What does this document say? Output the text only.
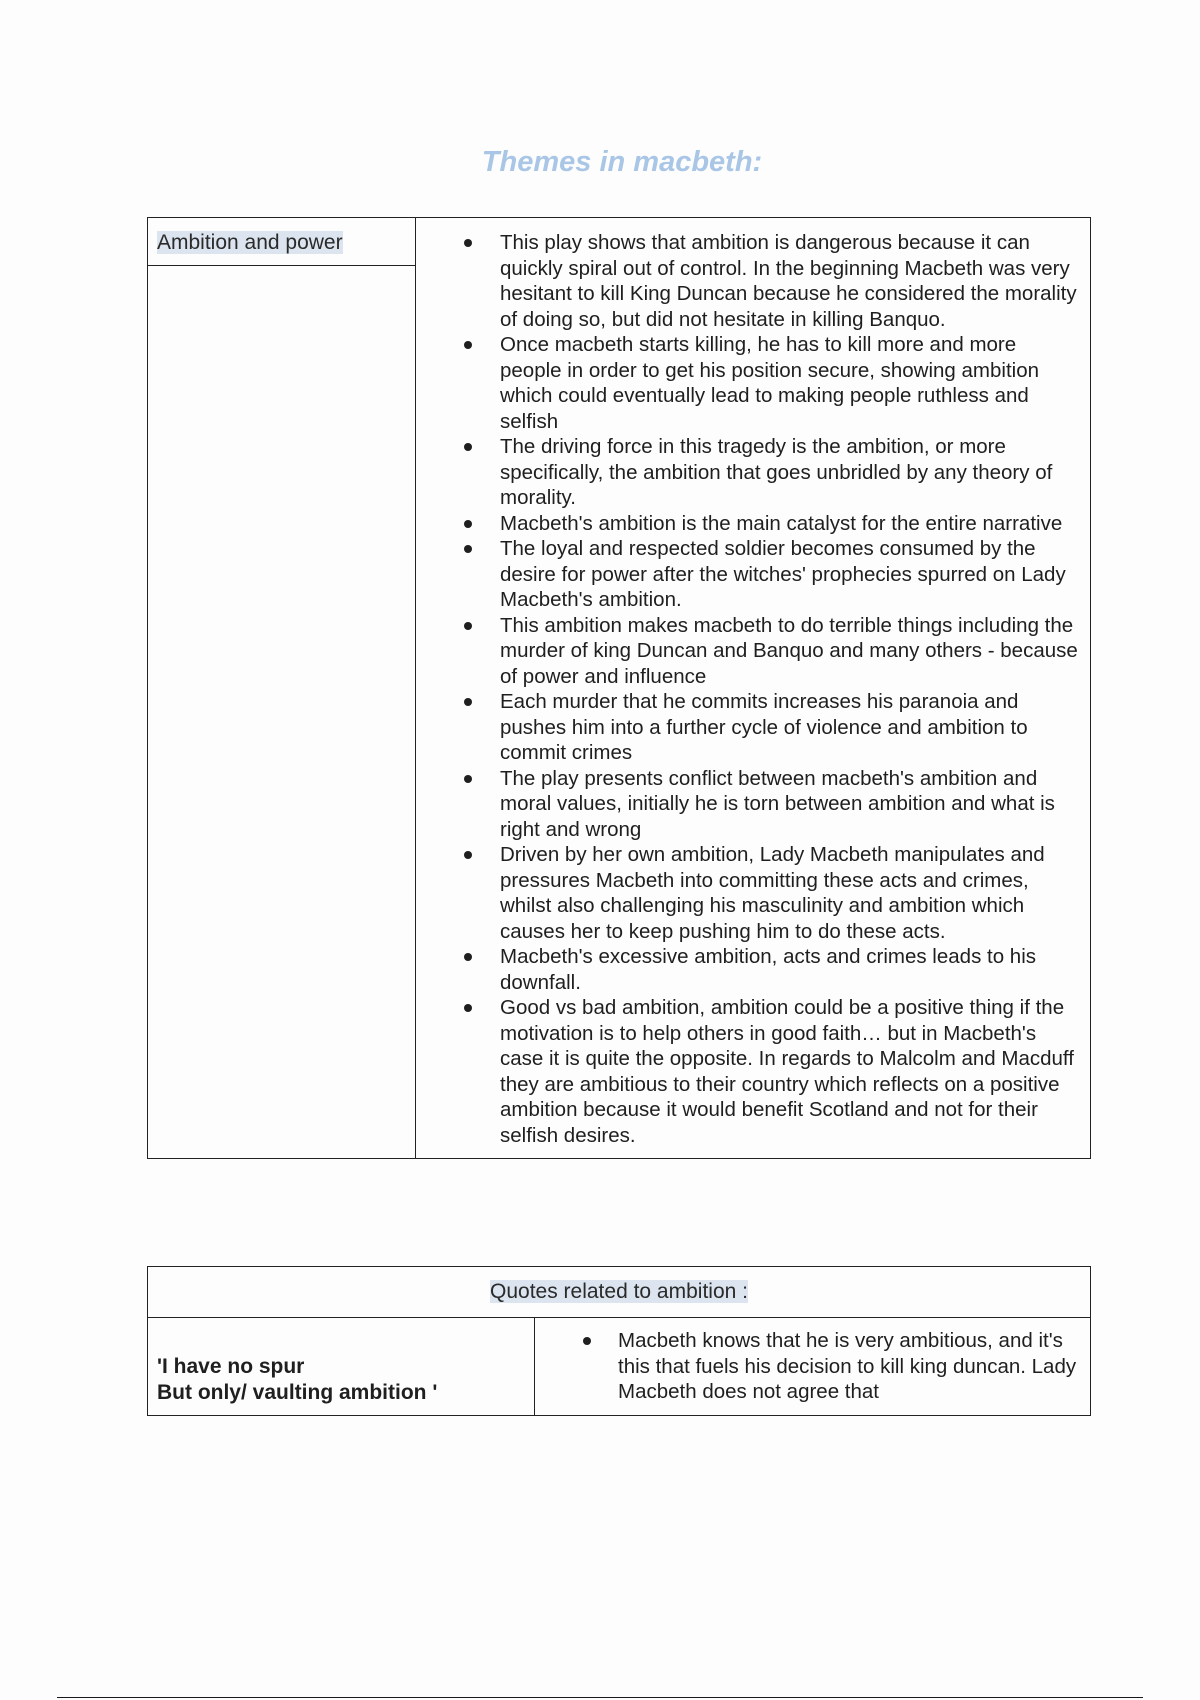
Themes in macbeth:
Ambition and power	This play shows that ambition is dangerous because it can quickly spiral out of control. In the beginning Macbeth was very hesitant to kill King Duncan because he considered the morality of doing so, but did not hesitate in killing Banquo.
Once macbeth starts killing, he has to kill more and more people in order to get his position secure, showing ambition which could eventually lead to making people ruthless and selfish
The driving force in this tragedy is the ambition, or more specifically, the ambition that goes unbridled by any theory of morality.
Macbeth's ambition is the main catalyst for the entire narrative
The loyal and respected soldier becomes consumed by the desire for power after the witches' prophecies spurred on Lady Macbeth's ambition.
This ambition makes macbeth to do terrible things including the murder of king Duncan and Banquo and many others - because of power and influence
Each murder that he commits increases his paranoia and pushes him into a further cycle of violence and ambition to commit crimes
The play presents conflict between macbeth's ambition and moral values, initially he is torn between ambition and what is right and wrong
Driven by her own ambition, Lady Macbeth manipulates and pressures Macbeth into committing these acts and crimes, whilst also challenging his masculinity and ambition which causes her to keep pushing him to do these acts.
Macbeth's excessive ambition, acts and crimes leads to his downfall.
Good vs bad ambition, ambition could be a positive thing if the motivation is to help others in good faith… but in Macbeth's case it is quite the opposite. In regards to Malcolm and Macduff they are ambitious to their country which reflects on a positive ambition because it would benefit Scotland and not for their selfish desires.
Quotes related to ambition :

'I have no spur
But only/ vaulting ambition '

Macbeth knows that he is very ambitious, and it's this that fuels his decision to kill king duncan. Lady Macbeth does not agree that
